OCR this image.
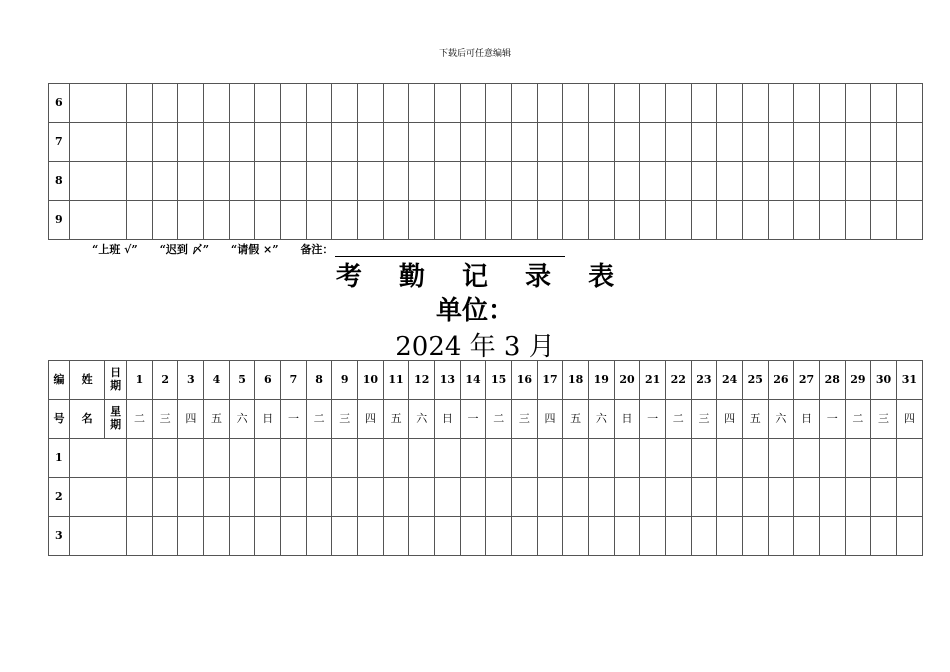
下载后可任意编辑
6																																
7																																
8																																
9																																
“上班 √” “迟到 〆” “请假 ×” 备注：
考 勤 记 录 表
单位：
2024 年 3 月
编	姓	日期	1	2	3	4	5	6	7	8	9	10	11	12	13	14	15	16	17	18	19	20	21	22	23	24	25	26	27	28	29	30	31
号	名	星期	二	三	四	五	六	日	一	二	三	四	五	六	日	一	二	三	四	五	六	日	一	二	三	四	五	六	日	一	二	三	四
1																																	
2																																	
3																																	
